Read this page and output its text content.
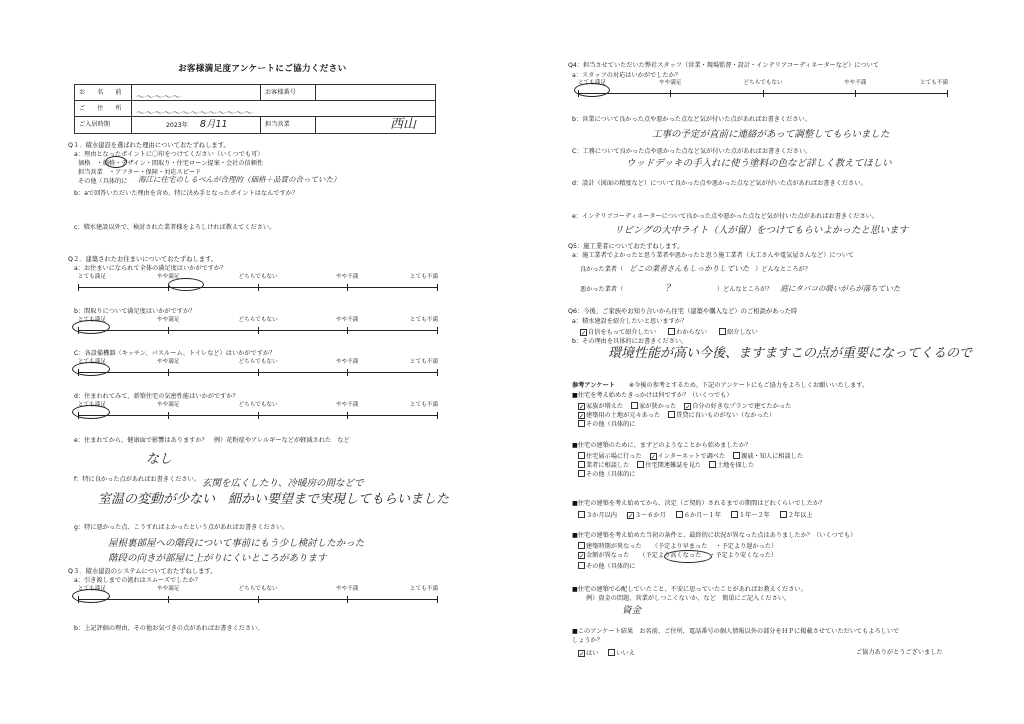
お客様満足度アンケートにご協力ください
お 名 前	〜〜〜〜〜	お客様番号	
ご 住 所	〜〜〜〜〜〜〜〜〜〜〜〜〜		

ご入居時期	2023年 8月11	担当営業	西山
Q１．積水建設を選ばれた理由についておたずねします。
a：理由となったポイントに〇印をつけてください（いくつでも可）
価格　・価格・デザイン・間取り・住宅ローン提案・会社の信頼性
担当営業　・アフター・保障・対応スピード
その他（具体的に 海江に住宅のしるべんが合理的（価格＋品質の合っていた）
b：aで回答いただいた理由を含め、特に決め手となったポイントはなんですか？
c：積水建設以外で、検討された業者様をよろしければ教えてください。
Q２．建築されたお住まいについておたずねします。
a：お住まいになられて全体の満足度はいかがですか？
とても満足	やや満足	どちらでもない	やや不満	とても不満
b：間取りについて満足度はいかがですか？
とても満足	やや満足	どちらでもない	やや不満	とても不満
C：各設備機器（キッチン、バスルーム、トイレなど）はいかがですか？
とても満足	やや満足	どちらでもない	やや不満	とても不満
d：住まわれてみて、新築住宅の気密性能はいかがですか？
とても満足	やや満足	どちらでもない	やや不満	とても不満
e：住まれてから、健康面で影響はありますか？　例）花粉症やアレルギーなどが軽減された　など
なし
f：特に良かった点があればお書きください。 玄関を広くしたり、冷暖房の間などで
室温の変動が少ない　細かい要望まで実現してもらいました
g：特に悪かった点、こうすればよかったという点があればお書きください。
屋根裏部屋への階段について事前にもう少し検討したかった
階段の向きが部屋に上がりにくいところがあります
Q３．積水建設のシステムについておたずねします。
a：引き渡しまでの流れはスムーズでしたか？
とても満足	やや満足	どちらでもない	やや不満	とても不満
b：上記評価の理由、その他お気づきの点があればお書きください。
Q4：担当させていただいた弊社スタッフ（営業・現場監督・設計・インテリアコーディネーターなど）について
a：スタッフの対応はいかがでしたか？
とても満足	やや満足	どちらでもない	やや不満	とても不満
b：営業について良かった点や悪かった点など気が付いた点があればお書きください。
工事の予定が直前に連絡があって調整してもらいました
C：工務について良かった点や悪かった点など気が付いた点があればお書きください。
ウッドデッキの手入れに使う塗料の色など詳しく教えてほしい
d：設計（図面の精度など）について良かった点や悪かった点など気が付いた点があればお書きください。
e：インテリアコーディネーターについて良かった点や悪かった点など気が付いた点があればお書きください。
リビングの大中ライト（人が留）をつけてもらいよかったと思います
Q5：施工業者についておたずねします。
a：施工業者でよかったと思う業者や悪かったと思う施工業者（大工さんや電気屋さんなど）について
良かった業者（ どこの業者さんもしっかりしていた ）どんなところが？
悪かった業者（	？	）どんなところが？ 庭にタバコの吸いがらが落ちていた
Q6：今後、ご家族やお知り合いから住宅（建築や購入など）のご相談があった時
a：積水建設を紹介したいと思いますか？
✓ 自信をもって紹介したい	わからない	紹介しない
b：その理由を具体的にお書きください。
環境性能が高い今後、ますますこの点が重要になってくるので
参考アンケート ※今後の参考とするため、下記のアンケートにもご協力をよろしくお願いいたします。
■住宅を考え始めたきっかけは何ですか？（いくつでも）
✓ 家族が増えた	家が狭かった ✓ 自分の好きなプランで建てたかった
✓ 建築用の土地が元々あった	賃貸に良いものがない（なかった）
その他（具体的に
■住宅の建築のために、まずどのようなことから始めましたか？
住宅展示場に行った ✓ インターネットで調べた	親戚・知人に相談した
業者に相談した	住宅関連雑誌を見た	土地を探した
その他（具体的に
■住宅の建築を考え始めてから、決定（ご契約）されるまでの期間はどれくらいでしたか？
３か月以内 ✓ ３～６か月	６か月～１年	１年～２年	２年以上
■住宅の建築を考え始めた当初の条件と、最終的に状況が異なった点はありましたか？（いくつでも）
建築時期が異なった （予定より早まった ・予定より遅かった）
✓ 金額が異なった （予定より高くなった ・予定より安くなった）
その他（具体的に
■住宅の建築で心配していたこと、不安に思っていたことがあればお教えください。
例）資金の問題、営業がしつこくないか、など　簡単にご記入ください。
資金
■このアンケート結果　お名前、ご住所、電話番号の個人情報以外の部分をＨＰに掲載させていただいてもよろしいで
しょうか？
✓ はい	いいえ	ご協力ありがとうございました
